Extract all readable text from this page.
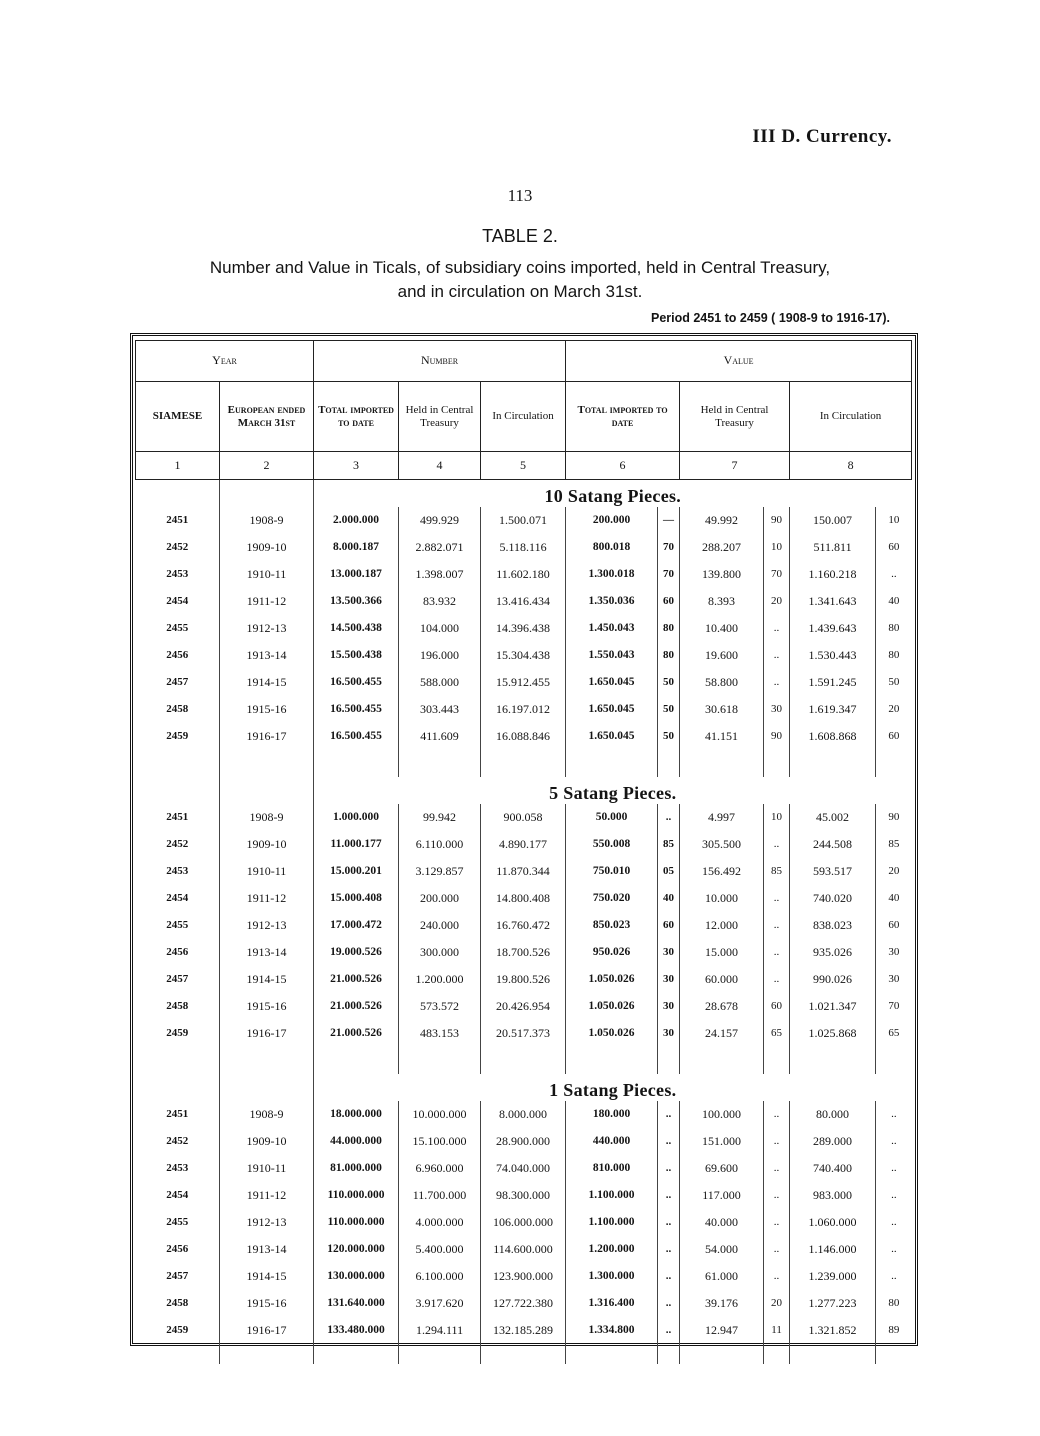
III D. Currency.
113
TABLE 2.
Number and Value in Ticals, of subsidiary coins imported, held in Central Treasury,
and in circulation on March 31st.
Period 2451 to 2459 ( 1908-9 to 1916-17).
Year		Number			Value					
SIAMESE	European ended March 31st	Total imported to date	Held in Central Treasury	In Circulation	Total imported to date		Held in Central Treasury		In Circulation	
1	2	3	4	5	6		7		8	
		10 Satang Pieces.								
2451	1908-9	2.000.000	499.929	1.500.071	200.000	—	49.992	90	150.007	10
2452	1909-10	8.000.187	2.882.071	5.118.116	800.018	70	288.207	10	511.811	60
2453	1910-11	13.000.187	1.398.007	11.602.180	1.300.018	70	139.800	70	1.160.218	..
2454	1911-12	13.500.366	83.932	13.416.434	1.350.036	60	8.393	20	1.341.643	40
2455	1912-13	14.500.438	104.000	14.396.438	1.450.043	80	10.400	..	1.439.643	80
2456	1913-14	15.500.438	196.000	15.304.438	1.550.043	80	19.600	..	1.530.443	80
2457	1914-15	16.500.455	588.000	15.912.455	1.650.045	50	58.800	..	1.591.245	50
2458	1915-16	16.500.455	303.443	16.197.012	1.650.045	50	30.618	30	1.619.347	20
2459	1916-17	16.500.455	411.609	16.088.846	1.650.045	50	41.151	90	1.608.868	60

		5 Satang Pieces.								
2451	1908-9	1.000.000	99.942	900.058	50.000	..	4.997	10	45.002	90
2452	1909-10	11.000.177	6.110.000	4.890.177	550.008	85	305.500	..	244.508	85
2453	1910-11	15.000.201	3.129.857	11.870.344	750.010	05	156.492	85	593.517	20
2454	1911-12	15.000.408	200.000	14.800.408	750.020	40	10.000	..	740.020	40
2455	1912-13	17.000.472	240.000	16.760.472	850.023	60	12.000	..	838.023	60
2456	1913-14	19.000.526	300.000	18.700.526	950.026	30	15.000	..	935.026	30
2457	1914-15	21.000.526	1.200.000	19.800.526	1.050.026	30	60.000	..	990.026	30
2458	1915-16	21.000.526	573.572	20.426.954	1.050.026	30	28.678	60	1.021.347	70
2459	1916-17	21.000.526	483.153	20.517.373	1.050.026	30	24.157	65	1.025.868	65

		1 Satang Pieces.								
2451	1908-9	18.000.000	10.000.000	8.000.000	180.000	..	100.000	..	80.000	..
2452	1909-10	44.000.000	15.100.000	28.900.000	440.000	..	151.000	..	289.000	..
2453	1910-11	81.000.000	6.960.000	74.040.000	810.000	..	69.600	..	740.400	..
2454	1911-12	110.000.000	11.700.000	98.300.000	1.100.000	..	117.000	..	983.000	..
2455	1912-13	110.000.000	4.000.000	106.000.000	1.100.000	..	40.000	..	1.060.000	..
2456	1913-14	120.000.000	5.400.000	114.600.000	1.200.000	..	54.000	..	1.146.000	..
2457	1914-15	130.000.000	6.100.000	123.900.000	1.300.000	..	61.000	..	1.239.000	..
2458	1915-16	131.640.000	3.917.620	127.722.380	1.316.400	..	39.176	20	1.277.223	80
2459	1916-17	133.480.000	1.294.111	132.185.289	1.334.800	..	12.947	11	1.321.852	89
